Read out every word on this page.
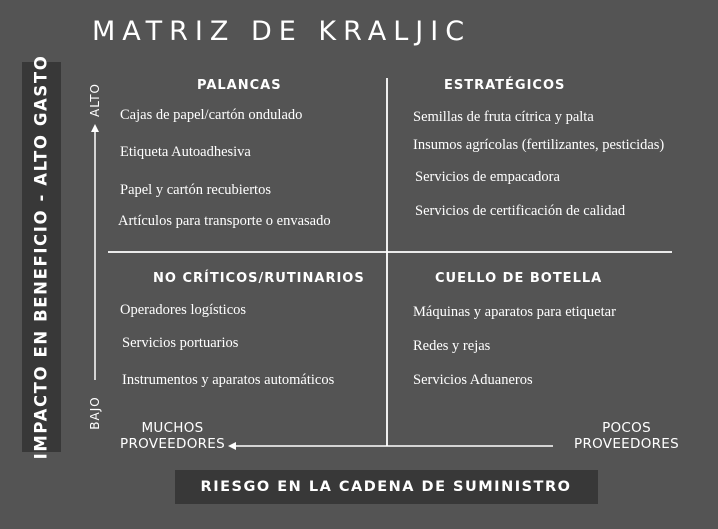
MATRIZ DE KRALJIC
IMPACTO EN BENEFICIO - ALTO GASTO
RIESGO EN LA CADENA DE SUMINISTRO
ALTO
BAJO	MUCHOS
PROVEEDORES
POCOS
PROVEEDORES
PALANCAS
Cajas de papel/cartón ondulado
Etiqueta Autoadhesiva
Papel y cartón recubiertos
Artículos para transporte o envasado
ESTRATÉGICOS
Semillas de fruta cítrica y palta
Insumos agrícolas (fertilizantes, pesticidas)
Servicios de empacadora
Servicios de certificación de calidad
NO CRÍTICOS/RUTINARIOS
Operadores logísticos
Servicios portuarios
Instrumentos y aparatos automáticos
CUELLO DE BOTELLA
Máquinas y aparatos para etiquetar
Redes y rejas
Servicios Aduaneros
